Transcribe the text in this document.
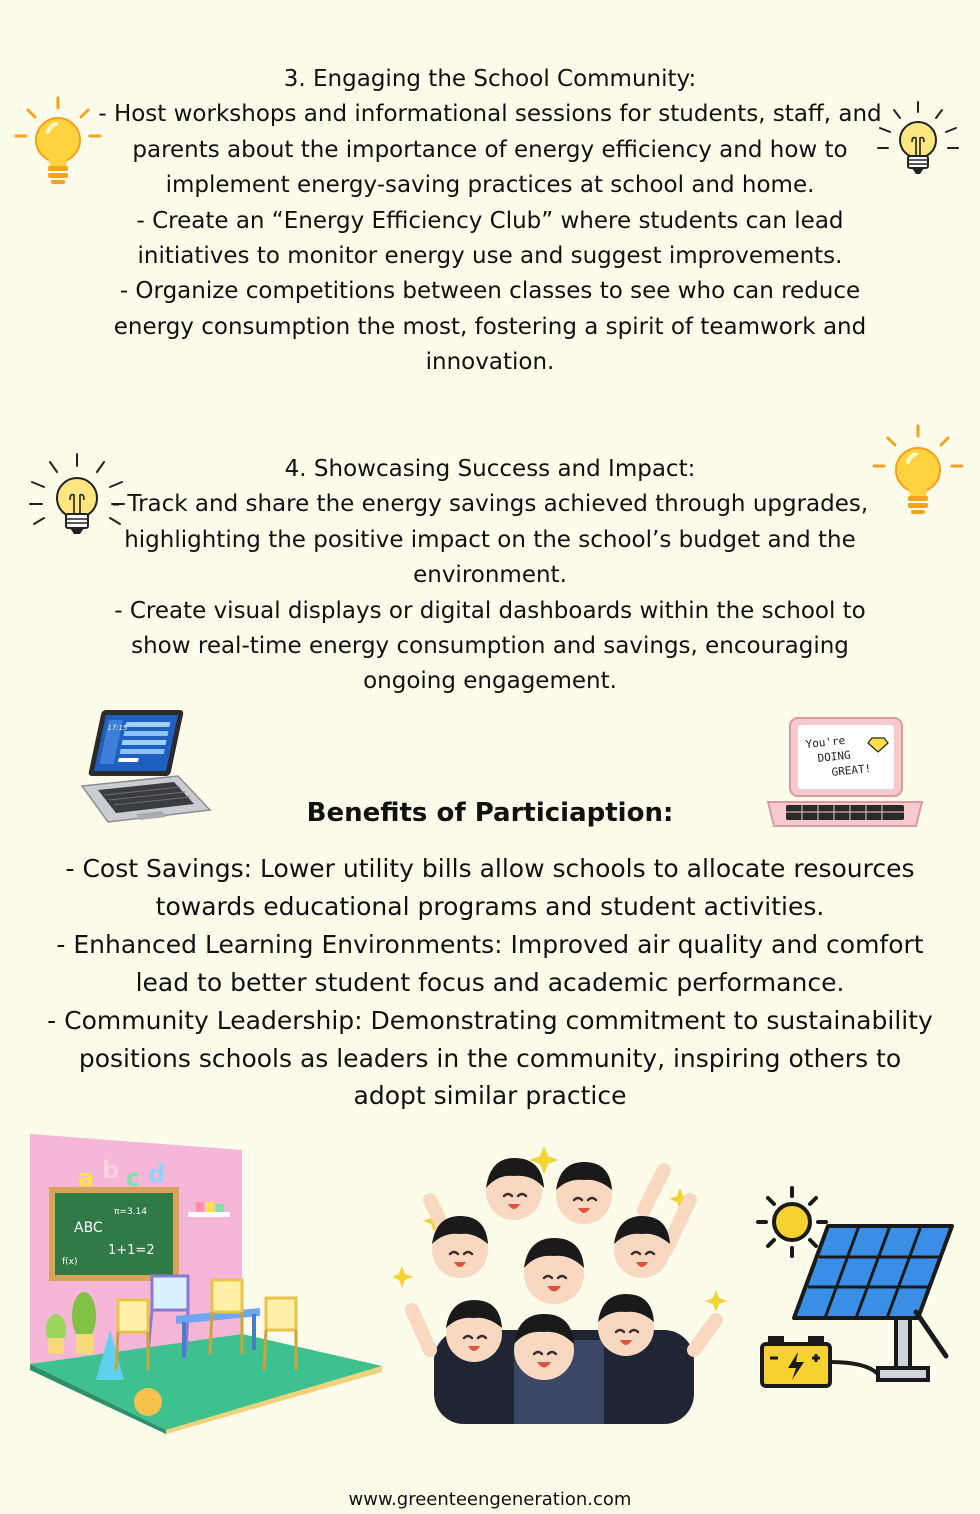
3. Engaging the School Community:

- Host workshops and informational sessions for students, staff, and parents about the importance of energy efficiency and how to implement energy-saving practices at school and home.

- Create an “Energy Efficiency Club” where students can lead initiatives to monitor energy use and suggest improvements.

- Organize competitions between classes to see who can reduce energy consumption the most, fostering a spirit of teamwork and innovation.

4. Showcasing Success and Impact:

- Track and share the energy savings achieved through upgrades, highlighting the positive impact on the school’s budget and the environment.

- Create visual displays or digital dashboards within the school to show real-time energy consumption and savings, encouraging ongoing engagement.

17:15
You're
DOING
GREAT!
Benefits of Particiaption:

- Cost Savings: Lower utility bills allow schools to allocate resources towards educational programs and student activities.

- Enhanced Learning Environments: Improved air quality and comfort lead to better student focus and academic performance.

- Community Leadership: Demonstrating commitment to sustainability positions schools as leaders in the community, inspiring others to adopt similar practice

ABC
1+1=2
π=3.14
f(x)
a b c d
www.greenteengeneration.com
